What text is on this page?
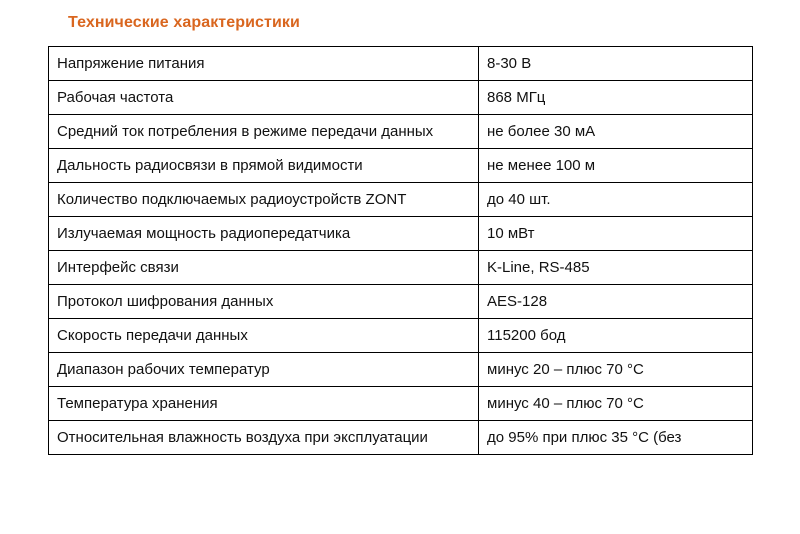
Технические характеристики
Напряжение питания	8-30 В
Рабочая частота	868 МГц
Средний ток потребления в режиме передачи данных	не более 30 мА
Дальность радиосвязи в прямой видимости	не менее 100 м
Количество подключаемых радиоустройств ZONT	до 40 шт.
Излучаемая мощность радиопередатчика	10 мВт
Интерфейс связи	K-Line, RS-485
Протокол шифрования данных	AES-128
Скорость передачи данных	115200 бод
Диапазон рабочих температур	минус 20 – плюс 70 °С
Температура хранения	минус 40 – плюс 70 °С
Относительная влажность воздуха при эксплуатации	до 95% при плюс 35 °С (без
